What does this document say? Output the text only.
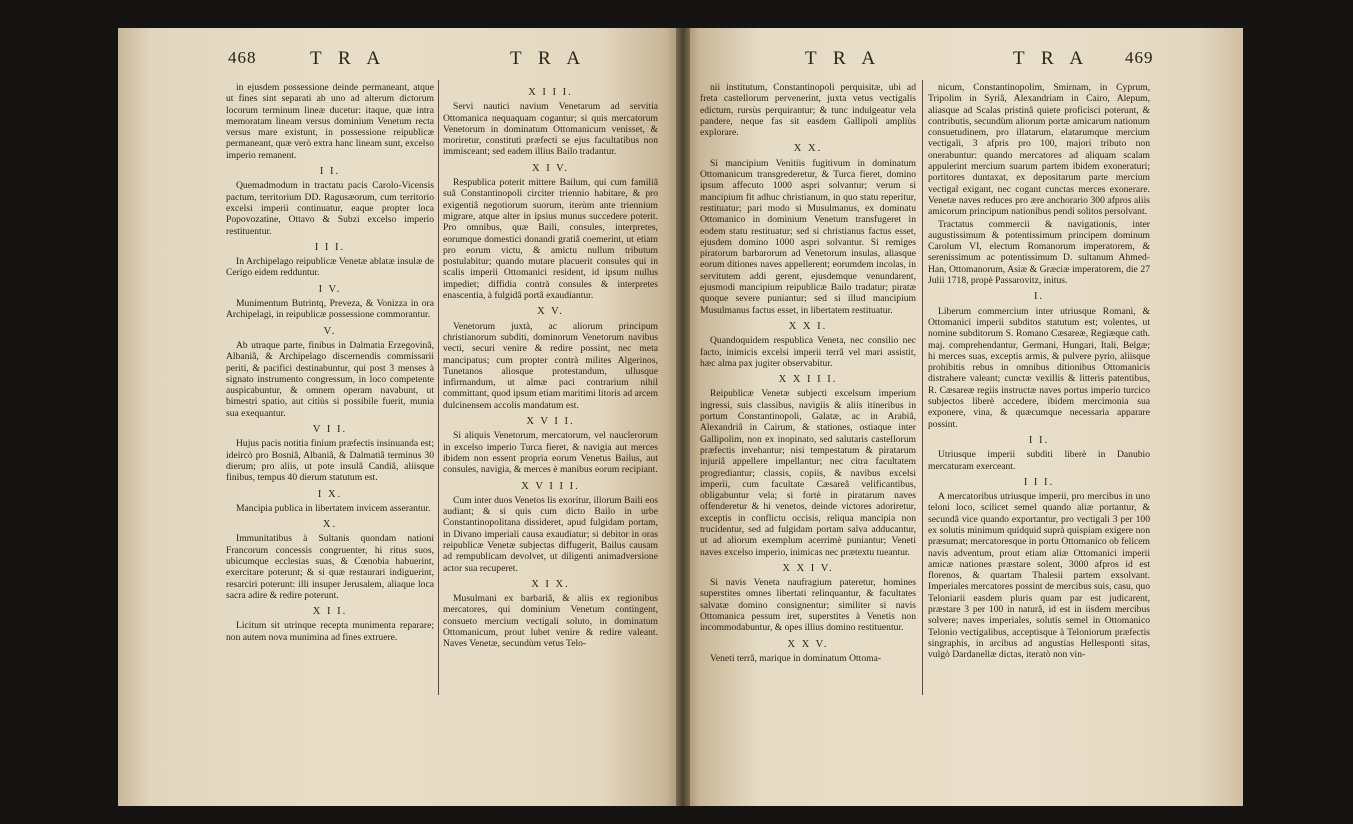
468	T R A	T R A	T R A	T R A 469

in ejusdem possessione deinde permaneant, atque ut fines sint separati ab uno ad alterum dictorum locorum terminum lineæ ducetur: itaque, quæ intra memoratam lineam versus dominium Venetum recta versus mare existunt, in possessione reipublicæ permaneant, quæ verò extra hanc lineam sunt, excelso imperio remanent.

I I.

Quemadmodum in tractatu pacis Carolo-Vicensis pactum, territorium DD. Ragusæorum, cum territorio excelsi imperii continuatur, eaque propter loca Popovozatine, Ottavo & Subzi excelso imperio restituentur.

I I I.

In Archipelago reipublicæ Venetæ ablatæ insulæ de Cerigo eidem redduntur.

I V.

Munimentum Butrintq, Preveza, & Vonizza in ora Archipelagi, in reipublicæ possessione commorantur.

V.

Ab utraque parte, finibus in Dalmatia Erzegovinâ, Albaniâ, & Archipelago discernendis commissarii periti, & pacifici destinabuntur, qui post 3 menses à signato instrumento congressum, in loco competente auspicabuntur, & omnem operam navabunt, ut bimestri spatio, aut citiùs si possibile fuerit, munia sua exequantur.

V I I.

Hujus pacis notitia finium præfectis insinuanda est; ideircò pro Bosniâ, Albaniâ, & Dalmatiâ terminus 30 dierum; pro aliis, ut pote insulâ Candiâ, aliisque finibus, tempus 40 dierum statutum est.

I X.

Mancipia publica in libertatem invicem asserantur.

X.

Immunitatibus à Sultanis quondam nationi Francorum concessis congruenter, hi ritus suos, ubicumque ecclesias suas, & Cœnobia habuerint, exercitare poterunt; & si quæ restaurari indiguerint, resarciri poterunt: illi insuper Jerusalem, aliaque loca sacra adire & redire poterunt.

X I I.

Licitum sit utrinque recepta munimenta reparare; non autem nova munimina ad fines extruere.

X I I I.

Servi nautici navium Venetarum ad servitia Ottomanica nequaquam cogantur; si quis mercatorum Venetorum in dominatum Ottomanicum venisset, & moriretur, constituti præfecti se ejus facultatibus non immisceant; sed eadem illius Bailo tradantur.

X I V.

Respublica poterit mittere Bailum, qui cum familiâ suâ Constantinopoli circiter triennio habitare, & pro exigentiâ negotiorum suorum, iterùm ante triennium migrare, atque alter in ipsius munus succedere poterit. Pro omnibus, quæ Baili, consules, interpretes, eorumque domestici donandi gratiâ coemerint, ut etiam pro eorum victu, & amictu nullum tributum postulabitur; quando mutare placuerit consules qui in scalis imperii Ottomanici resident, id ipsum nullus impediet; diffidia contrà consules & interpretes enascentia, à fulgidâ portâ exaudiantur.

X V.

Venetorum juxtà, ac aliorum principum christianorum subditi, dominorum Venetorum navibus vecti, securi venire & redire possint, nec meta mancipatus; cum propter contrà milites Algerinos, Tunetanos aliosque protestandum, ullusque infirmandum, ut almæ paci contrarium nihil committant, quod ipsum etiam maritimi litoris ad arcem dulcinensem accolis mandatum est.

X V I I.

Si aliquis Venetorum, mercatorum, vel nauclerorum in excelso imperio Turca fieret, & navigia aut merces ibidem non essent propria eorum Venetus Bailus, aut consules, navigia, & merces è manibus eorum recipiant.

X V I I I.

Cum inter duos Venetos lis exoritur, illorum Baili eos audiant; & si quis cum dicto Bailo in urbe Constantinopolitana dissideret, apud fulgidam portam, in Divano imperiali causa exaudiatur; si debitor in oras reipublicæ Venetæ subjectas diffugerit, Bailus causam ad rempublicam devolvet, ut diligenti animadversione actor sua recuperet.

X I X.

Musulmani ex barbariâ, & aliis ex regionibus mercatores, qui dominium Venetum contingent, consueto mercium vectigali soluto, in dominatum Ottomanicum, prout lubet venire & redire valeant. Naves Venetæ, secundùm vetus Telo-

nii institutum, Constantinopoli perquisitæ, ubi ad freta castellorum pervenerint, juxta vetus vectigalis edictum, rursùs perquirantur; & tunc indulgeatur vela pandere, neque fas sit easdem Gallipoli ampliùs explorare.

X X.

Si mancipium Venitiis fugitivum in dominatum Ottomanicum transgrederetur, & Turca fieret, domino ipsum affecuto 1000 aspri solvantur; verum si mancipium fit adhuc christianum, in quo statu reperitur, restituatur; pari modo si Musulmanus, ex dominatu Ottomanico in dominium Venetum transfugeret in eodem statu restituatur; sed si christianus factus esset, ejusdem domino 1000 aspri solvantur. Si remiges piratorum barbarorum ad Venetorum insulas, aliasque eorum ditiones naves appellerent; eorumdem incolas, in servitutem addi gerent, ejusdemque venundarent, ejusmodi mancipium reipublicæ Bailo tradatur; piratæ quoque severe puniantur; sed si illud mancipium Musulmanus factus esset, in libertatem restituatur.

X X I.

Quandoquidem respublica Veneta, nec consilio nec facto, inimicis excelsi imperii terrâ vel mari assistit, hæc alma pax jugiter observabitur.

X X I I I.

Reipublicæ Venetæ subjecti excelsum imperium ingressi, suis classibus, navigiis & aliis itineribus in portum Constantinopoli, Galatæ, ac in Arabiâ, Alexandriâ in Cairum, & stationes, ostiaque inter Gallipolim, non ex inopinato, sed salutaris castellorum præfectis invehantur; nisi tempestatum & piratarum injuriâ appellere impellantur; nec citra facultatem progrediantur; classis, copiis, & navibus excelsi imperii, cum facultate Cæsareâ velificantibus, obligabuntur vela; si fortè in piratarum naves offenderetur & hi venetos, deinde victores adoriretur, exceptis in conflictu occisis, reliqua mancipia non trucidentur, sed ad fulgidam portam salva adducantur, ut ad aliorum exemplum acerrimè puniantur; Veneti naves excelso imperio, inimicas nec prætextu tueantur.

X X I V.

Si navis Veneta naufragium pateretur, homines superstites omnes libertati relinquantur, & facultates salvatæ domino consignentur; similiter si navis Ottomanica pessum iret, superstites à Venetis non incommodabuntur, & opes illius domino restituentur.

X X V.

Veneti terrâ, marique in dominatum Ottoma-

nicum, Constantinopolim, Smirnam, in Cyprum, Tripolim in Syriâ, Alexandriam in Cairo, Alepum, aliasque ad Scalas pristinâ quiete proficisci poterunt, & contributis, secundùm aliorum portæ amicarum nationum consuetudinem, pro illatarum, elatarumque mercium vectigali, 3 afpris pro 100, majori tributo non onerabuntur: quando mercatores ad aliquam scalam appulerint mercium suarum partem ibidem exoneraturi; portitores duntaxat, ex depositarum parte mercium vectigal exigant, nec cogant cunctas merces exonerare. Venetæ naves reduces pro ære anchorario 300 afpros aliis amicorum principum nationibus pendi solitos persolvant.

Tractatus commercii & navigationis, inter augustissimum & potentissimum principem dominum Carolum VI, electum Romanorum imperatorem, & serenissimum ac potentissimum D. sultanum Ahmed-Han, Ottomanorum, Asiæ & Græciæ imperatorem, die 27 Julii 1718, propè Passarovitz, initus.

I.

Liberum commercium inter utriusque Romani, & Ottomanici imperii subditos statutum est; volentes, ut nomine subditorum S. Romano Cæsareæ, Regiæque cath. maj. comprehendantur, Germani, Hungari, Itali, Belgæ; hi merces suas, exceptis armis, & pulvere pyrio, aliisque prohibitis rebus in omnibus ditionibus Ottomanicis distrahere valeant; cunctæ vexillis & litteris patentibus, R. Cæsareæ regiis instructæ naves portus imperio turcico subjectos liberè accedere, ibidem mercimonia sua exponere, vina, & quæcumque necessaria apparare possint.

I I.

Utriusque imperii subditi liberè in Danubio mercaturam exerceant.

I I I.

A mercatoribus utriusque imperii, pro mercibus in uno teloni loco, scilicet semel quando aliæ portantur, & secundâ vice quando exportantur, pro vectigali 3 per 100 ex solutis minimum quidquid suprà quispiam exigere non præsumat; mercatoresque in portu Ottomanico ob felicem navis adventum, prout etiam aliæ Ottomanici imperii amicæ nationes præstare solent, 3000 afpros id est florenos, & quartam Thalesii partem exsolvant. Imperiales mercatores possint de mercibus suis, casu, quo Teloniarii easdem pluris quam par est judicarent, præstare 3 per 100 in naturâ, id est in iisdem mercibus solvere; naves imperiales, solutis semel in Ottomanico Telonio vectigalibus, acceptisque à Teloniorum præfectis singraphis, in arcibus ad angustias Hellesponti sitas, vulgò Dardanellæ dictas, iteratò non vin-
